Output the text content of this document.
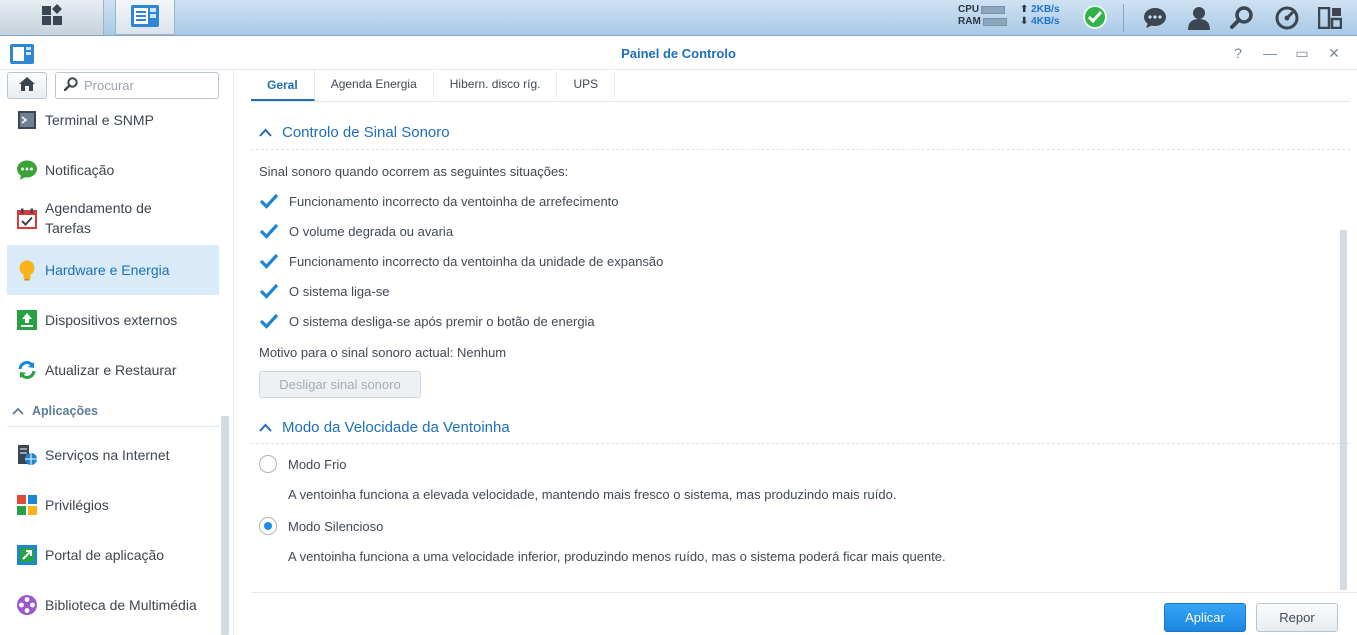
CPU
RAM
⬆ 2KB/s
⬇ 4KB/s
Painel de Controlo	? — ▭ ✕
Procurar
Terminal e SNMP
Notificação
Agendamento de Tarefas
Hardware e Energia
Dispositivos externos
Atualizar e Restaurar
Aplicações
Serviços na Internet
Privilégios
Portal de aplicação
Biblioteca de Multimédia
Geral	Agenda Energia	Hibern. disco ríg.	UPS
Controlo de Sinal Sonoro
Sinal sonoro quando ocorrem as seguintes situações:
Funcionamento incorrecto da ventoinha de arrefecimento
O volume degrada ou avaria
Funcionamento incorrecto da ventoinha da unidade de expansão
O sistema liga-se
O sistema desliga-se após premir o botão de energia
Motivo para o sinal sonoro actual: Nenhum
Desligar sinal sonoro
Modo da Velocidade da Ventoinha
Modo Frio
A ventoinha funciona a elevada velocidade, mantendo mais fresco o sistema, mas produzindo mais ruído.
Modo Silencioso
A ventoinha funciona a uma velocidade inferior, produzindo menos ruído, mas o sistema poderá ficar mais quente.
Aplicar	Repor
